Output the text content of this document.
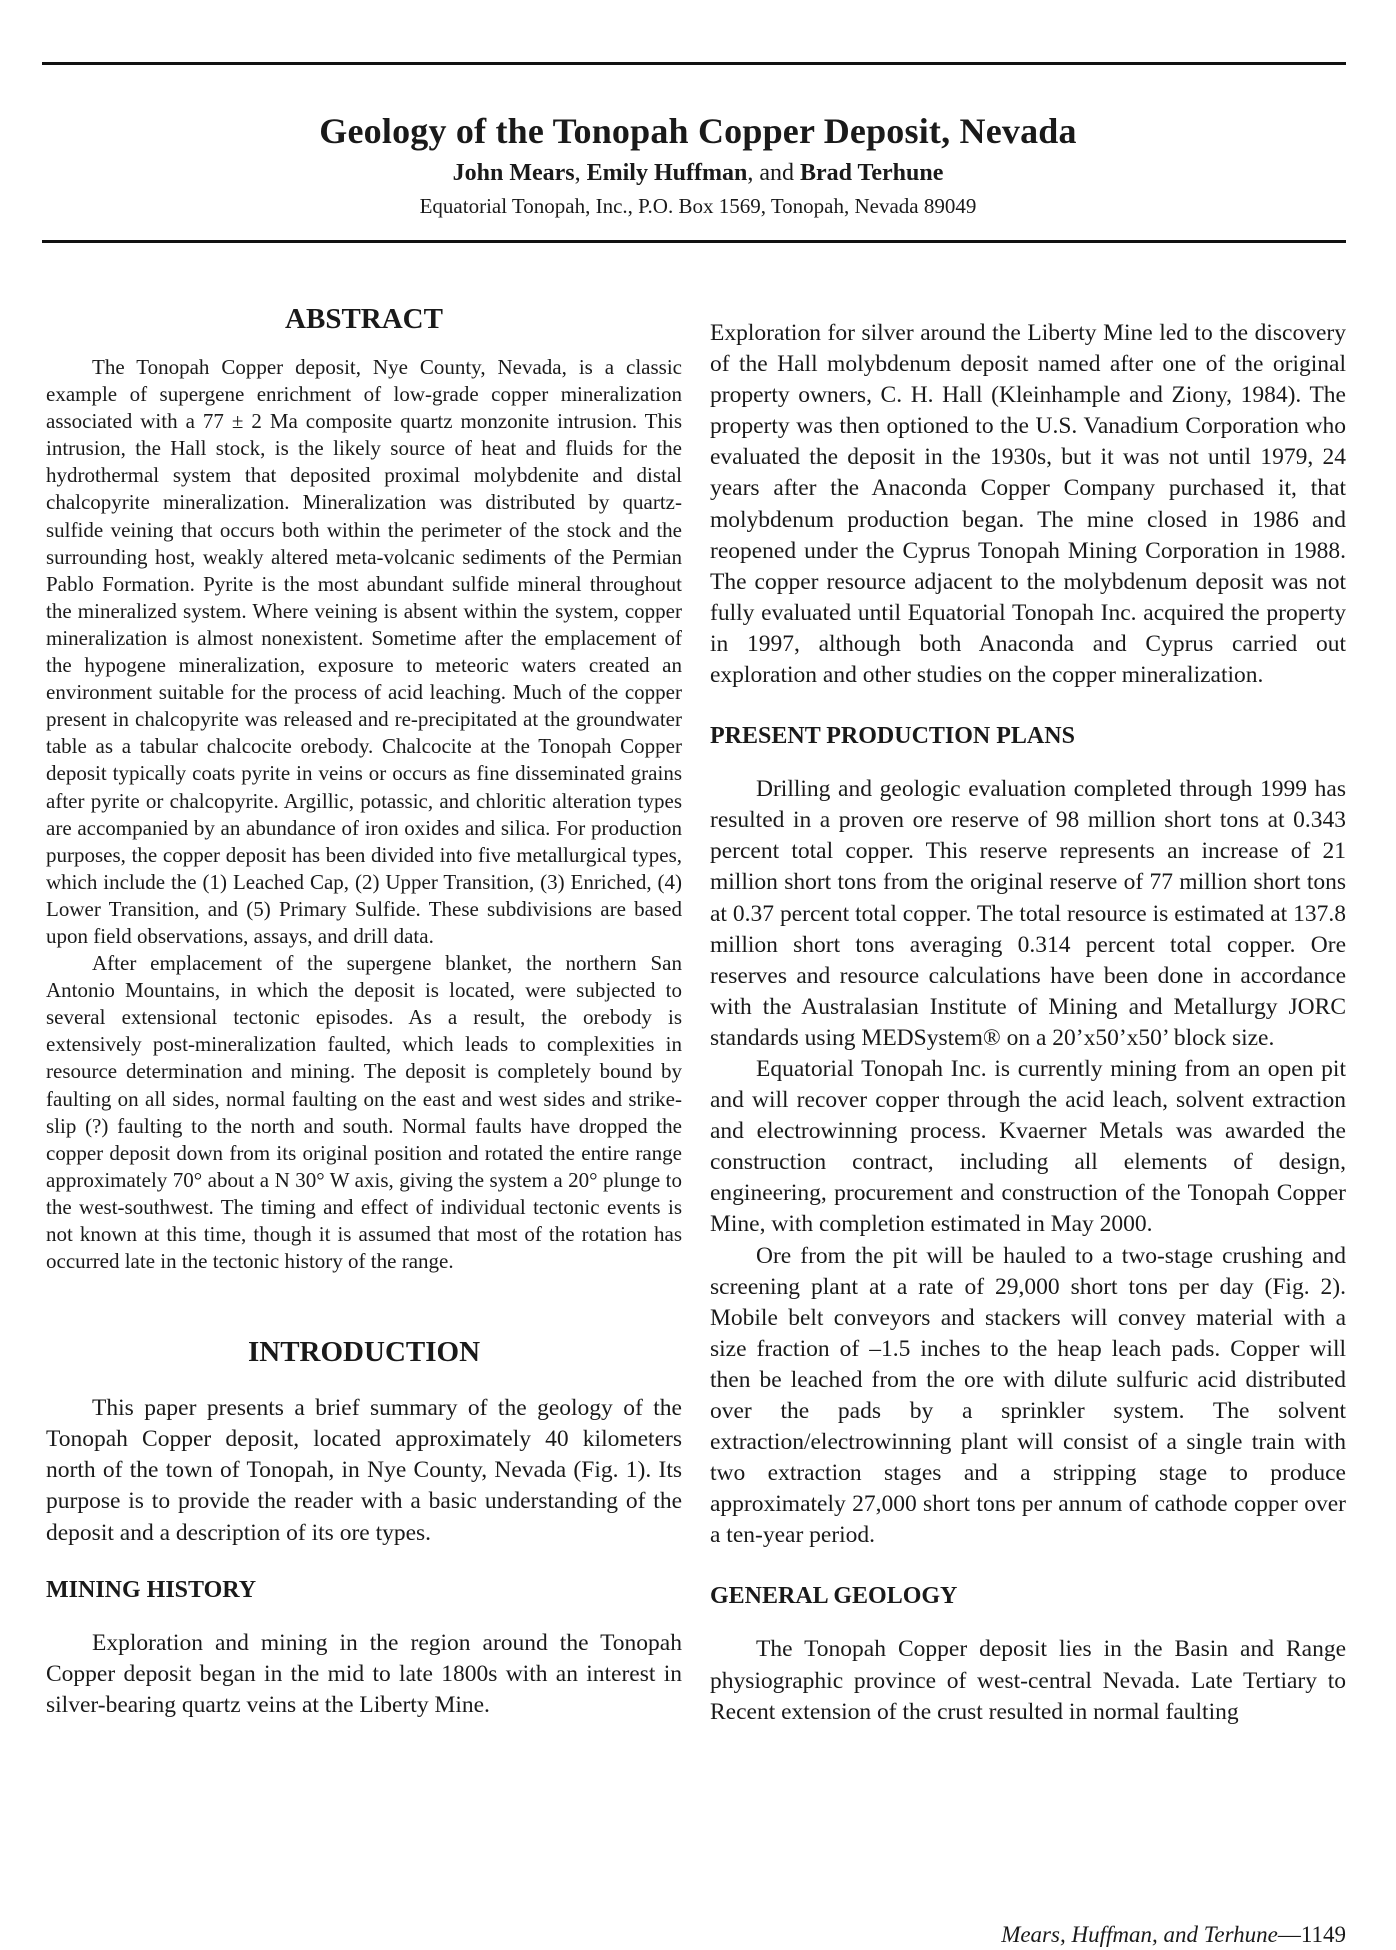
Geology of the Tonopah Copper Deposit, Nevada
John Mears, Emily Huffman, and Brad Terhune
Equatorial Tonopah, Inc., P.O. Box 1569, Tonopah, Nevada 89049
ABSTRACT

The Tonopah Copper deposit, Nye County, Nevada, is a classic example of supergene enrichment of low-grade copper mineralization associated with a 77 ± 2 Ma composite quartz monzonite intrusion. This intrusion, the Hall stock, is the likely source of heat and fluids for the hydrothermal system that deposited proximal molybdenite and distal chalcopyrite mineralization. Mineralization was distributed by quartz-sulfide veining that occurs both within the perimeter of the stock and the surrounding host, weakly altered meta-volcanic sediments of the Permian Pablo Formation. Pyrite is the most abundant sulfide mineral throughout the mineralized system. Where veining is absent within the system, copper mineralization is almost nonexistent. Sometime after the emplacement of the hypogene mineralization, exposure to meteoric waters created an environment suitable for the process of acid leaching. Much of the copper present in chalcopyrite was released and re-precipitated at the groundwater table as a tabular chalcocite orebody. Chalcocite at the Tonopah Copper deposit typically coats pyrite in veins or occurs as fine disseminated grains after pyrite or chalcopyrite. Argillic, potassic, and chloritic alteration types are accompanied by an abundance of iron oxides and silica. For production purposes, the copper deposit has been divided into five metallurgical types, which include the (1) Leached Cap, (2) Upper Transition, (3) Enriched, (4) Lower Transition, and (5) Primary Sulfide. These subdivisions are based upon field observations, assays, and drill data.

After emplacement of the supergene blanket, the northern San Antonio Mountains, in which the deposit is located, were subjected to several extensional tectonic episodes. As a result, the orebody is extensively post-mineralization faulted, which leads to complexities in resource determination and mining. The deposit is completely bound by faulting on all sides, normal faulting on the east and west sides and strike-slip (?) faulting to the north and south. Normal faults have dropped the copper deposit down from its original position and rotated the entire range approximately 70° about a N 30° W axis, giving the system a 20° plunge to the west-southwest. The timing and effect of individual tectonic events is not known at this time, though it is assumed that most of the rotation has occurred late in the tectonic history of the range.

INTRODUCTION

This paper presents a brief summary of the geology of the Tonopah Copper deposit, located approximately 40 kilometers north of the town of Tonopah, in Nye County, Nevada (Fig. 1). Its purpose is to provide the reader with a basic understanding of the deposit and a description of its ore types.

MINING HISTORY

Exploration and mining in the region around the Tonopah Copper deposit began in the mid to late 1800s with an interest in silver-bearing quartz veins at the Liberty Mine.

Exploration for silver around the Liberty Mine led to the discovery of the Hall molybdenum deposit named after one of the original property owners, C. H. Hall (Kleinhample and Ziony, 1984). The property was then optioned to the U.S. Vanadium Corporation who evaluated the deposit in the 1930s, but it was not until 1979, 24 years after the Anaconda Copper Company purchased it, that molybdenum production began. The mine closed in 1986 and reopened under the Cyprus Tonopah Mining Corporation in 1988. The copper resource adjacent to the molybdenum deposit was not fully evaluated until Equatorial Tonopah Inc. acquired the property in 1997, although both Anaconda and Cyprus carried out exploration and other studies on the copper mineralization.

PRESENT PRODUCTION PLANS

Drilling and geologic evaluation completed through 1999 has resulted in a proven ore reserve of 98 million short tons at 0.343 percent total copper. This reserve represents an increase of 21 million short tons from the original reserve of 77 million short tons at 0.37 percent total copper. The total resource is estimated at 137.8 million short tons averaging 0.314 percent total copper. Ore reserves and resource calculations have been done in accordance with the Australasian Institute of Mining and Metallurgy JORC standards using MEDSystem® on a 20’x50’x50’ block size.

Equatorial Tonopah Inc. is currently mining from an open pit and will recover copper through the acid leach, solvent extraction and electrowinning process. Kvaerner Metals was awarded the construction contract, including all elements of design, engineering, procurement and construction of the Tonopah Copper Mine, with completion estimated in May 2000.

Ore from the pit will be hauled to a two-stage crushing and screening plant at a rate of 29,000 short tons per day (Fig. 2). Mobile belt conveyors and stackers will convey material with a size fraction of –1.5 inches to the heap leach pads. Copper will then be leached from the ore with dilute sulfuric acid distributed over the pads by a sprinkler system. The solvent extraction/electrowinning plant will consist of a single train with two extraction stages and a stripping stage to produce approximately 27,000 short tons per annum of cathode copper over a ten-year period.

GENERAL GEOLOGY

The Tonopah Copper deposit lies in the Basin and Range physiographic province of west-central Nevada. Late Tertiary to Recent extension of the crust resulted in normal faulting

Mears, Huffman, and Terhune—1149
